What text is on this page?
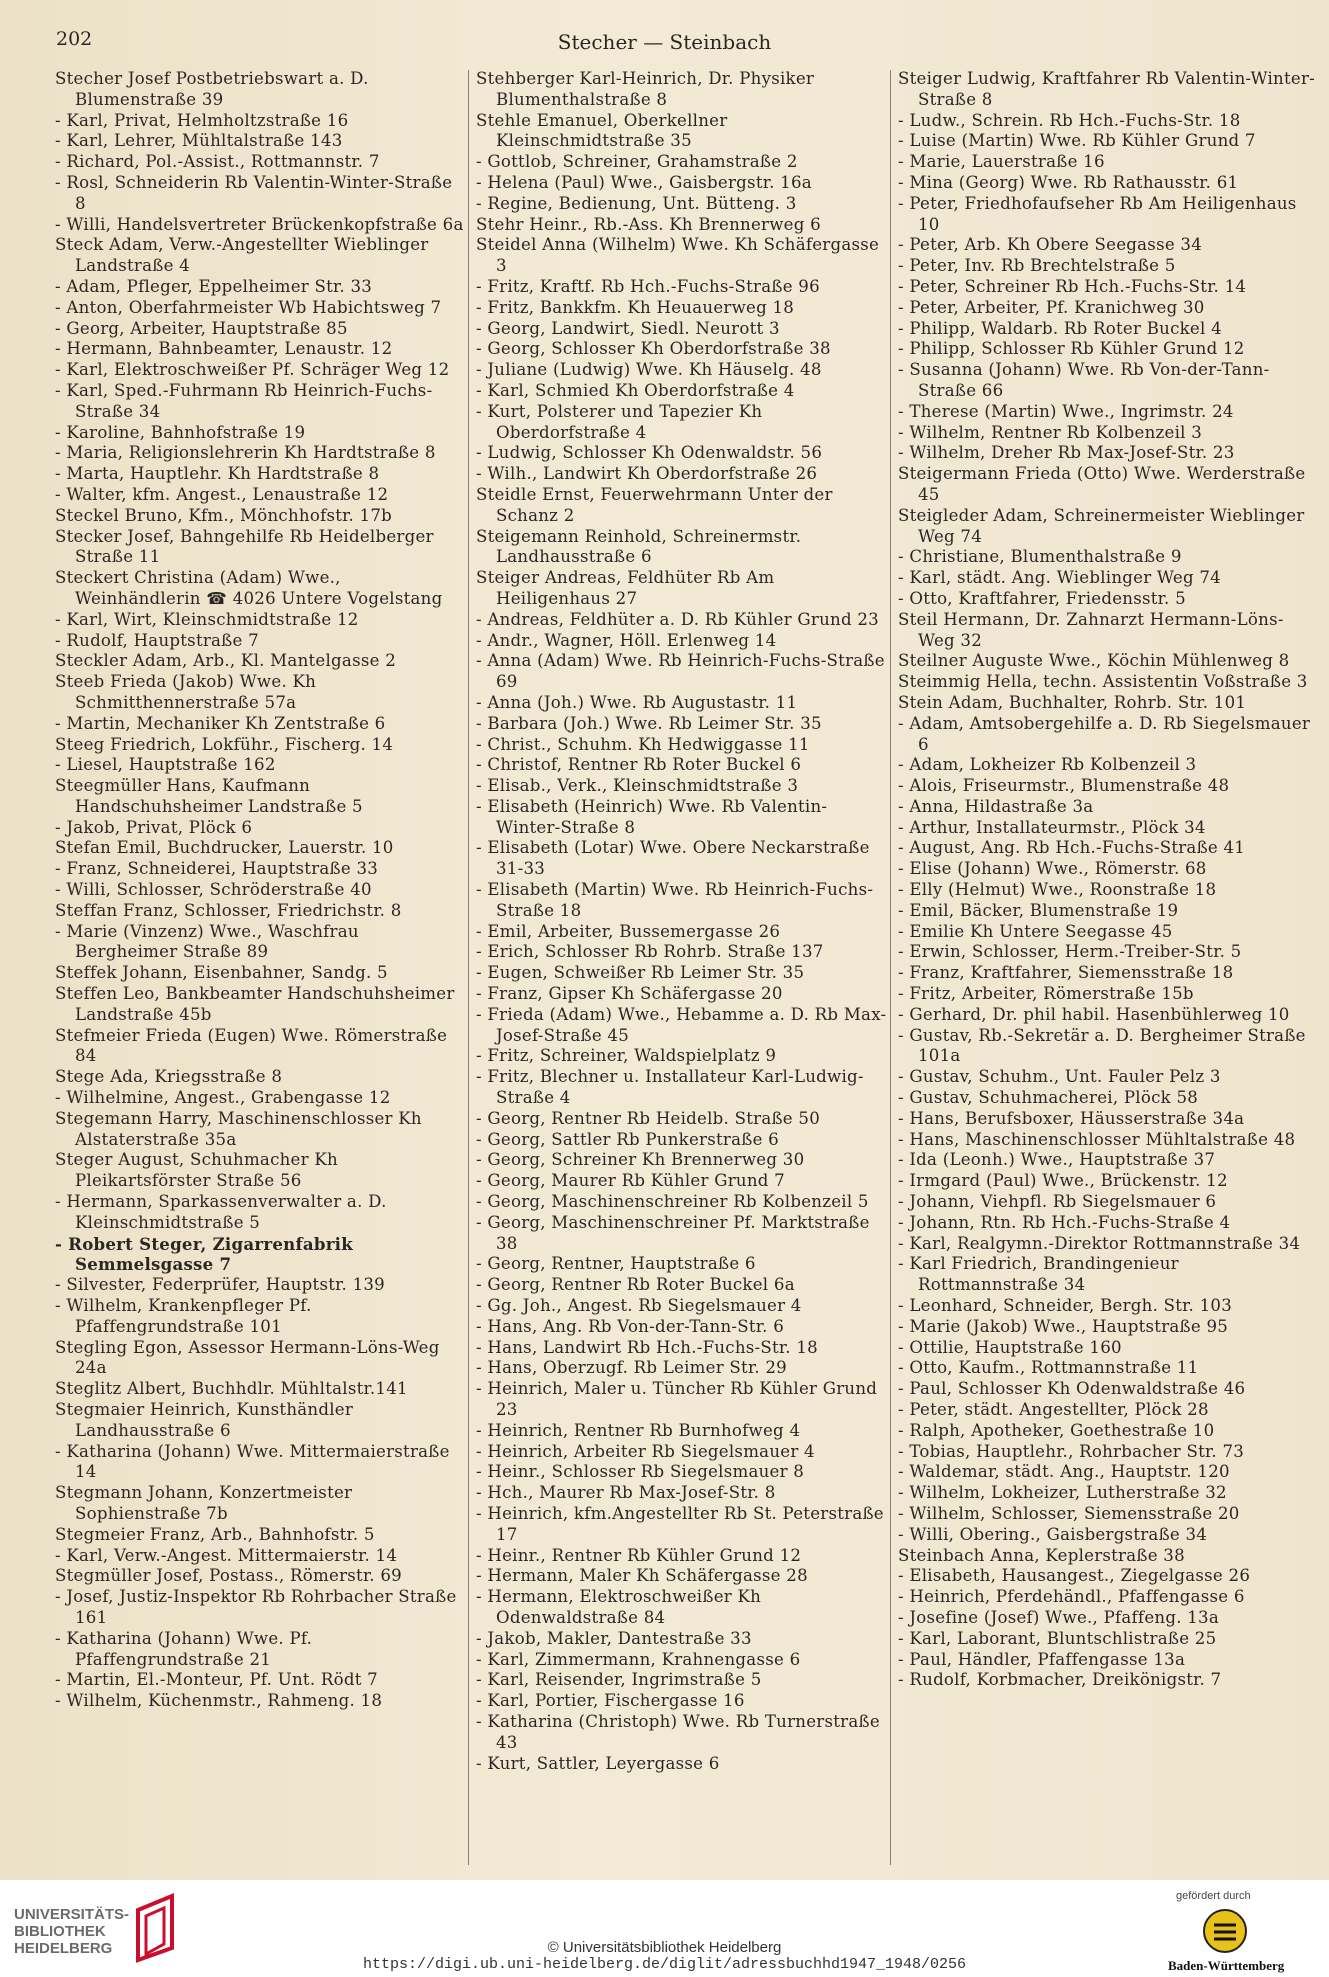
202	Stecher — Steinbach

Stecher Josef Postbetriebswart a. D. Blumenstraße 39

- Karl, Privat, Helmholtzstraße 16

- Karl, Lehrer, Mühltalstraße 143

- Richard, Pol.-Assist., Rottmannstr. 7

- Rosl, Schneiderin Rb Valentin-Winter-Straße 8

- Willi, Handelsvertreter Brückenkopfstraße 6a

Steck Adam, Verw.-Angestellter Wieblinger Landstraße 4

- Adam, Pfleger, Eppelheimer Str. 33

- Anton, Oberfahrmeister Wb Habichtsweg 7

- Georg, Arbeiter, Hauptstraße 85

- Hermann, Bahnbeamter, Lenaustr. 12

- Karl, Elektroschweißer Pf. Schräger Weg 12

- Karl, Sped.-Fuhrmann Rb Heinrich-Fuchs-Straße 34

- Karoline, Bahnhofstraße 19

- Maria, Religionslehrerin Kh Hardtstraße 8

- Marta, Hauptlehr. Kh Hardtstraße 8

- Walter, kfm. Angest., Lenaustraße 12

Steckel Bruno, Kfm., Mönchhofstr. 17b

Stecker Josef, Bahngehilfe Rb Heidelberger Straße 11

Steckert Christina (Adam) Wwe., Weinhändlerin ☎ 4026 Untere Vogelstang

- Karl, Wirt, Kleinschmidtstraße 12

- Rudolf, Hauptstraße 7

Steckler Adam, Arb., Kl. Mantelgasse 2

Steeb Frieda (Jakob) Wwe. Kh Schmitthennerstraße 57a

- Martin, Mechaniker Kh Zentstraße 6

Steeg Friedrich, Lokführ., Fischerg. 14

- Liesel, Hauptstraße 162

Steegmüller Hans, Kaufmann Handschuhsheimer Landstraße 5

- Jakob, Privat, Plöck 6

Stefan Emil, Buchdrucker, Lauerstr. 10

- Franz, Schneiderei, Hauptstraße 33

- Willi, Schlosser, Schröderstraße 40

Steffan Franz, Schlosser, Friedrichstr. 8

- Marie (Vinzenz) Wwe., Waschfrau Bergheimer Straße 89

Steffek Johann, Eisenbahner, Sandg. 5

Steffen Leo, Bankbeamter Handschuhsheimer Landstraße 45b

Stefmeier Frieda (Eugen) Wwe. Römerstraße 84

Stege Ada, Kriegsstraße 8

- Wilhelmine, Angest., Grabengasse 12

Stegemann Harry, Maschinenschlosser Kh Alstaterstraße 35a

Steger August, Schuhmacher Kh Pleikartsförster Straße 56

- Hermann, Sparkassenverwalter a. D. Kleinschmidtstraße 5

- Robert Steger, Zigarrenfabrik Semmelsgasse 7

- Silvester, Federprüfer, Hauptstr. 139

- Wilhelm, Krankenpfleger Pf. Pfaffengrundstraße 101

Stegling Egon, Assessor Hermann-Löns-Weg 24a

Steglitz Albert, Buchhdlr. Mühltalstr.141

Stegmaier Heinrich, Kunsthändler Landhausstraße 6

- Katharina (Johann) Wwe. Mittermaierstraße 14

Stegmann Johann, Konzertmeister Sophienstraße 7b

Stegmeier Franz, Arb., Bahnhofstr. 5

- Karl, Verw.-Angest. Mittermaierstr. 14

Stegmüller Josef, Postass., Römerstr. 69

- Josef, Justiz-Inspektor Rb Rohrbacher Straße 161

- Katharina (Johann) Wwe. Pf. Pfaffengrundstraße 21

- Martin, El.-Monteur, Pf. Unt. Rödt 7

- Wilhelm, Küchenmstr., Rahmeng. 18

Stehberger Karl-Heinrich, Dr. Physiker Blumenthalstraße 8

Stehle Emanuel, Oberkellner Kleinschmidtstraße 35

- Gottlob, Schreiner, Grahamstraße 2

- Helena (Paul) Wwe., Gaisbergstr. 16a

- Regine, Bedienung, Unt. Bütteng. 3

Stehr Heinr., Rb.-Ass. Kh Brennerweg 6

Steidel Anna (Wilhelm) Wwe. Kh Schäfergasse 3

- Fritz, Kraftf. Rb Hch.-Fuchs-Straße 96

- Fritz, Bankkfm. Kh Heuauerweg 18

- Georg, Landwirt, Siedl. Neurott 3

- Georg, Schlosser Kh Oberdorfstraße 38

- Juliane (Ludwig) Wwe. Kh Häuselg. 48

- Karl, Schmied Kh Oberdorfstraße 4

- Kurt, Polsterer und Tapezier Kh Oberdorfstraße 4

- Ludwig, Schlosser Kh Odenwaldstr. 56

- Wilh., Landwirt Kh Oberdorfstraße 26

Steidle Ernst, Feuerwehrmann Unter der Schanz 2

Steigemann Reinhold, Schreinermstr. Landhausstraße 6

Steiger Andreas, Feldhüter Rb Am Heiligenhaus 27

- Andreas, Feldhüter a. D. Rb Kühler Grund 23

- Andr., Wagner, Höll. Erlenweg 14

- Anna (Adam) Wwe. Rb Heinrich-Fuchs-Straße 69

- Anna (Joh.) Wwe. Rb Augustastr. 11

- Barbara (Joh.) Wwe. Rb Leimer Str. 35

- Christ., Schuhm. Kh Hedwiggasse 11

- Christof, Rentner Rb Roter Buckel 6

- Elisab., Verk., Kleinschmidtstraße 3

- Elisabeth (Heinrich) Wwe. Rb Valentin-Winter-Straße 8

- Elisabeth (Lotar) Wwe. Obere Neckarstraße 31-33

- Elisabeth (Martin) Wwe. Rb Heinrich-Fuchs-Straße 18

- Emil, Arbeiter, Bussemergasse 26

- Erich, Schlosser Rb Rohrb. Straße 137

- Eugen, Schweißer Rb Leimer Str. 35

- Franz, Gipser Kh Schäfergasse 20

- Frieda (Adam) Wwe., Hebamme a. D. Rb Max-Josef-Straße 45

- Fritz, Schreiner, Waldspielplatz 9

- Fritz, Blechner u. Installateur Karl-Ludwig-Straße 4

- Georg, Rentner Rb Heidelb. Straße 50

- Georg, Sattler Rb Punkerstraße 6

- Georg, Schreiner Kh Brennerweg 30

- Georg, Maurer Rb Kühler Grund 7

- Georg, Maschinenschreiner Rb Kolbenzeil 5

- Georg, Maschinenschreiner Pf. Marktstraße 38

- Georg, Rentner, Hauptstraße 6

- Georg, Rentner Rb Roter Buckel 6a

- Gg. Joh., Angest. Rb Siegelsmauer 4

- Hans, Ang. Rb Von-der-Tann-Str. 6

- Hans, Landwirt Rb Hch.-Fuchs-Str. 18

- Hans, Oberzugf. Rb Leimer Str. 29

- Heinrich, Maler u. Tüncher Rb Kühler Grund 23

- Heinrich, Rentner Rb Burnhofweg 4

- Heinrich, Arbeiter Rb Siegelsmauer 4

- Heinr., Schlosser Rb Siegelsmauer 8

- Hch., Maurer Rb Max-Josef-Str. 8

- Heinrich, kfm.Angestellter Rb St. Peterstraße 17

- Heinr., Rentner Rb Kühler Grund 12

- Hermann, Maler Kh Schäfergasse 28

- Hermann, Elektroschweißer Kh Odenwaldstraße 84

- Jakob, Makler, Dantestraße 33

- Karl, Zimmermann, Krahnengasse 6

- Karl, Reisender, Ingrimstraße 5

- Karl, Portier, Fischergasse 16

- Katharina (Christoph) Wwe. Rb Turnerstraße 43

- Kurt, Sattler, Leyergasse 6

Steiger Ludwig, Kraftfahrer Rb Valentin-Winter-Straße 8

- Ludw., Schrein. Rb Hch.-Fuchs-Str. 18

- Luise (Martin) Wwe. Rb Kühler Grund 7

- Marie, Lauerstraße 16

- Mina (Georg) Wwe. Rb Rathausstr. 61

- Peter, Friedhofaufseher Rb Am Heiligenhaus 10

- Peter, Arb. Kh Obere Seegasse 34

- Peter, Inv. Rb Brechtelstraße 5

- Peter, Schreiner Rb Hch.-Fuchs-Str. 14

- Peter, Arbeiter, Pf. Kranichweg 30

- Philipp, Waldarb. Rb Roter Buckel 4

- Philipp, Schlosser Rb Kühler Grund 12

- Susanna (Johann) Wwe. Rb Von-der-Tann-Straße 66

- Therese (Martin) Wwe., Ingrimstr. 24

- Wilhelm, Rentner Rb Kolbenzeil 3

- Wilhelm, Dreher Rb Max-Josef-Str. 23

Steigermann Frieda (Otto) Wwe. Werderstraße 45

Steigleder Adam, Schreinermeister Wieblinger Weg 74

- Christiane, Blumenthalstraße 9

- Karl, städt. Ang. Wieblinger Weg 74

- Otto, Kraftfahrer, Friedensstr. 5

Steil Hermann, Dr. Zahnarzt Hermann-Löns-Weg 32

Steilner Auguste Wwe., Köchin Mühlenweg 8

Steimmig Hella, techn. Assistentin Voßstraße 3

Stein Adam, Buchhalter, Rohrb. Str. 101

- Adam, Amtsobergehilfe a. D. Rb Siegelsmauer 6

- Adam, Lokheizer Rb Kolbenzeil 3

- Alois, Friseurmstr., Blumenstraße 48

- Anna, Hildastraße 3a

- Arthur, Installateurmstr., Plöck 34

- August, Ang. Rb Hch.-Fuchs-Straße 41

- Elise (Johann) Wwe., Römerstr. 68

- Elly (Helmut) Wwe., Roonstraße 18

- Emil, Bäcker, Blumenstraße 19

- Emilie Kh Untere Seegasse 45

- Erwin, Schlosser, Herm.-Treiber-Str. 5

- Franz, Kraftfahrer, Siemensstraße 18

- Fritz, Arbeiter, Römerstraße 15b

- Gerhard, Dr. phil habil. Hasenbühlerweg 10

- Gustav, Rb.-Sekretär a. D. Bergheimer Straße 101a

- Gustav, Schuhm., Unt. Fauler Pelz 3

- Gustav, Schuhmacherei, Plöck 58

- Hans, Berufsboxer, Häusserstraße 34a

- Hans, Maschinenschlosser Mühltalstraße 48

- Ida (Leonh.) Wwe., Hauptstraße 37

- Irmgard (Paul) Wwe., Brückenstr. 12

- Johann, Viehpfl. Rb Siegelsmauer 6

- Johann, Rtn. Rb Hch.-Fuchs-Straße 4

- Karl, Realgymn.-Direktor Rottmannstraße 34

- Karl Friedrich, Brandingenieur Rottmannstraße 34

- Leonhard, Schneider, Bergh. Str. 103

- Marie (Jakob) Wwe., Hauptstraße 95

- Ottilie, Hauptstraße 160

- Otto, Kaufm., Rottmannstraße 11

- Paul, Schlosser Kh Odenwaldstraße 46

- Peter, städt. Angestellter, Plöck 28

- Ralph, Apotheker, Goethestraße 10

- Tobias, Hauptlehr., Rohrbacher Str. 73

- Waldemar, städt. Ang., Hauptstr. 120

- Wilhelm, Lokheizer, Lutherstraße 32

- Wilhelm, Schlosser, Siemensstraße 20

- Willi, Obering., Gaisbergstraße 34

Steinbach Anna, Keplerstraße 38

- Elisabeth, Hausangest., Ziegelgasse 26

- Heinrich, Pferdehändl., Pfaffengasse 6

- Josefine (Josef) Wwe., Pfaffeng. 13a

- Karl, Laborant, Bluntschlistraße 25

- Paul, Händler, Pfaffengasse 13a

- Rudolf, Korbmacher, Dreikönigstr. 7

UNIVERSITÄTS-
BIBLIOTHEK
HEIDELBERG	© Universitätsbibliothek Heidelberg
https://digi.ub.uni-heidelberg.de/diglit/adressbuchhd1947_1948/0256
gefördert durch
Baden-Württemberg
